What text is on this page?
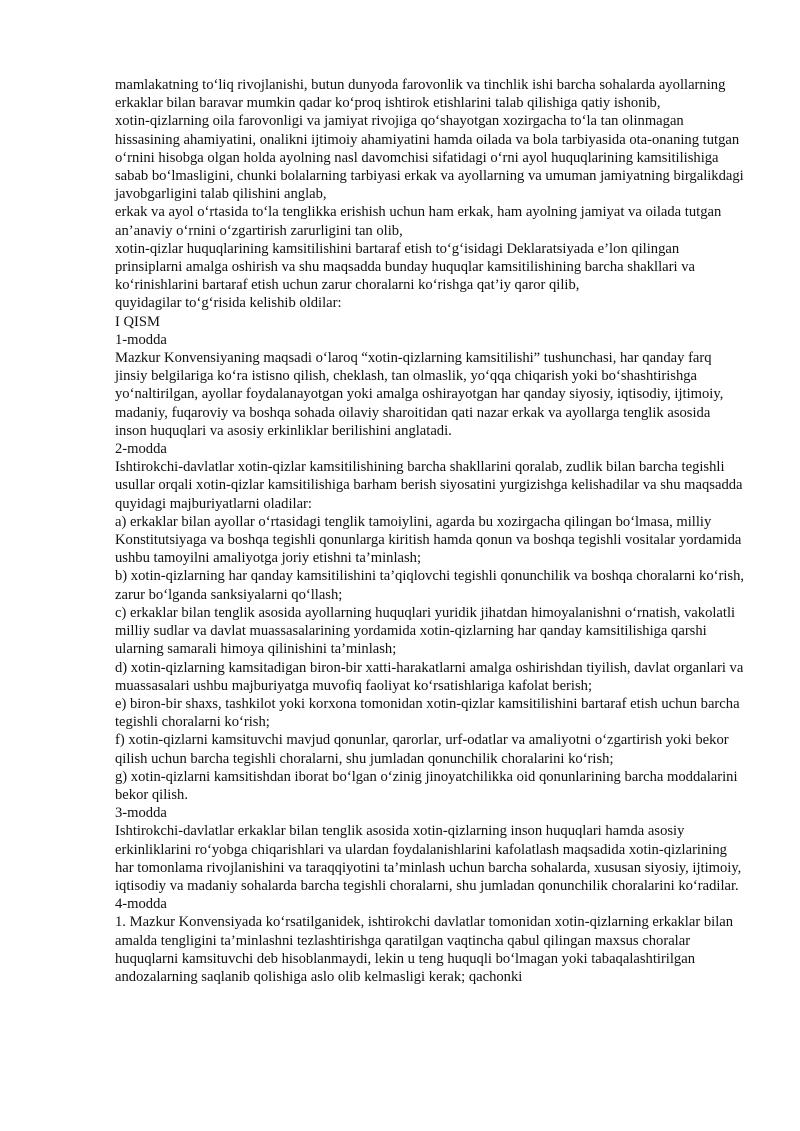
mamlakatning to‘liq rivojlanishi, butun dunyoda farovonlik va tinchlik ishi barcha sohalarda ayollarning erkaklar bilan baravar mumkin qadar ko‘proq ishtirok etishlarini talab qilishiga qatiy ishonib,

xotin-qizlarning oila farovonligi va jamiyat rivojiga qo‘shayotgan xozirgacha to‘la tan olinmagan hissasining ahamiyatini, onalikni ijtimoiy ahamiyatini hamda oilada va bola tarbiyasida ota-onaning tutgan o‘rnini hisobga olgan holda ayolning nasl davomchisi sifatidagi o‘rni ayol huquqlarining kamsitilishiga sabab bo‘lmasligini, chunki bolalarning tarbiyasi erkak va ayollarning va umuman jamiyatning birgalikdagi javobgarligini talab qilishini anglab,

erkak va ayol o‘rtasida to‘la tenglikka erishish uchun ham erkak, ham ayolning jamiyat va oilada tutgan an’anaviy o‘rnini o‘zgartirish zarurligini tan olib,

xotin-qizlar huquqlarining kamsitilishini bartaraf etish to‘g‘isidagi Deklaratsiyada e’lon qilingan prinsiplarni amalga oshirish va shu maqsadda bunday huquqlar kamsitilishining barcha shakllari va ko‘rinishlarini bartaraf etish uchun zarur choralarni ko‘rishga qat’iy qaror qilib,

quyidagilar to‘g‘risida kelishib oldilar:

I QISM

1-modda

Mazkur Konvensiyaning maqsadi o‘laroq “xotin-qizlarning kamsitilishi” tushunchasi, har qanday farq jinsiy belgilariga ko‘ra istisno qilish, cheklash, tan olmaslik, yo‘qqa chiqarish yoki bo‘shashtirishga yo‘naltirilgan, ayollar foydalanayotgan yoki amalga oshirayotgan har qanday siyosiy, iqtisodiy, ijtimoiy, madaniy, fuqaroviy va boshqa sohada oilaviy sharoitidan qati nazar erkak va ayollarga tenglik asosida inson huquqlari va asosiy erkinliklar berilishini anglatadi.

2-modda

Ishtirokchi-davlatlar xotin-qizlar kamsitilishining barcha shakllarini qoralab, zudlik bilan barcha tegishli usullar orqali xotin-qizlar kamsitilishiga barham berish siyosatini yurgizishga kelishadilar va shu maqsadda quyidagi majburiyatlarni oladilar:

a) erkaklar bilan ayollar o‘rtasidagi tenglik tamoiylini, agarda bu xozirgacha qilingan bo‘lmasa, milliy Konstitutsiyaga va boshqa tegishli qonunlarga kiritish hamda qonun va boshqa tegishli vositalar yordamida ushbu tamoyilni amaliyotga joriy etishni ta’minlash;

b) xotin-qizlarning har qanday kamsitilishini ta’qiqlovchi tegishli qonunchilik va boshqa choralarni ko‘rish, zarur bo‘lganda sanksiyalarni qo‘llash;

c) erkaklar bilan tenglik asosida ayollarning huquqlari yuridik jihatdan himoyalanishni o‘rnatish, vakolatli milliy sudlar va davlat muassasalarining yordamida xotin-qizlarning har qanday kamsitilishiga qarshi ularning samarali himoya qilinishini ta’minlash;

d) xotin-qizlarning kamsitadigan biron-bir xatti-harakatlarni amalga oshirishdan tiyilish, davlat organlari va muassasalari ushbu majburiyatga muvofiq faoliyat ko‘rsatishlariga kafolat berish;

e) biron-bir shaxs, tashkilot yoki korxona tomonidan xotin-qizlar kamsitilishini bartaraf etish uchun barcha tegishli choralarni ko‘rish;

f) xotin-qizlarni kamsituvchi mavjud qonunlar, qarorlar, urf-odatlar va amaliyotni o‘zgartirish yoki bekor qilish uchun barcha tegishli choralarni, shu jumladan qonunchilik choralarini ko‘rish;

g) xotin-qizlarni kamsitishdan iborat bo‘lgan o‘zinig jinoyatchilikka oid qonunlarining barcha moddalarini bekor qilish.

3-modda

Ishtirokchi-davlatlar erkaklar bilan tenglik asosida xotin-qizlarning inson huquqlari hamda asosiy erkinliklarini ro‘yobga chiqarishlari va ulardan foydalanishlarini kafolatlash maqsadida xotin-qizlarining har tomonlama rivojlanishini va taraqqiyotini ta’minlash uchun barcha sohalarda, xususan siyosiy, ijtimoiy, iqtisodiy va madaniy sohalarda barcha tegishli choralarni, shu jumladan qonunchilik choralarini ko‘radilar.

4-modda

1. Mazkur Konvensiyada ko‘rsatilganidek, ishtirokchi davlatlar tomonidan xotin-qizlarning erkaklar bilan amalda tengligini ta’minlashni tezlashtirishga qaratilgan vaqtincha qabul qilingan maxsus choralar huquqlarni kamsituvchi deb hisoblanmaydi, lekin u teng huquqli bo‘lmagan yoki tabaqalashtirilgan andozalarning saqlanib qolishiga aslo olib kelmasligi kerak; qachonki
